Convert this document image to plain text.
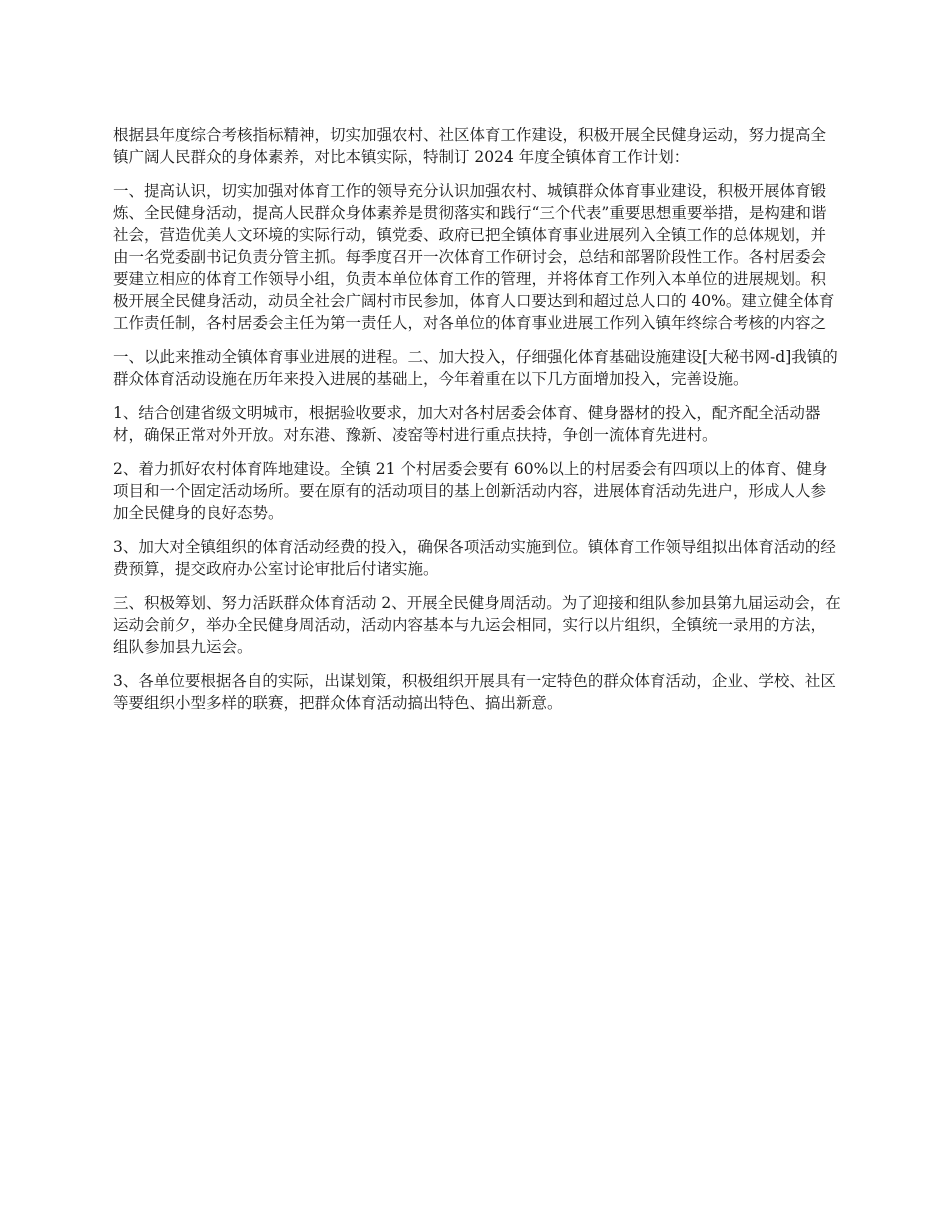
根据县年度综合考核指标精神，切实加强农村、社区体育工作建设，积极开展全民健身运动，努力提高全镇广阔人民群众的身体素养，对比本镇实际，特制订 2024 年度全镇体育工作计划：

一、提高认识，切实加强对体育工作的领导充分认识加强农村、城镇群众体育事业建设，积极开展体育锻炼、全民健身活动，提高人民群众身体素养是贯彻落实和践行“三个代表”重要思想重要举措，是构建和谐社会，营造优美人文环境的实际行动，镇党委、政府已把全镇体育事业进展列入全镇工作的总体规划，并由一名党委副书记负责分管主抓。每季度召开一次体育工作研讨会，总结和部署阶段性工作。各村居委会要建立相应的体育工作领导小组，负责本单位体育工作的管理，并将体育工作列入本单位的进展规划。积极开展全民健身活动，动员全社会广阔村市民参加，体育人口要达到和超过总人口的 40%。建立健全体育工作责任制，各村居委会主任为第一责任人，对各单位的体育事业进展工作列入镇年终综合考核的内容之

一、以此来推动全镇体育事业进展的进程。二、加大投入，仔细强化体育基础设施建设[大秘书网-d]我镇的群众体育活动设施在历年来投入进展的基础上，今年着重在以下几方面增加投入，完善设施。

1、结合创建省级文明城市，根据验收要求，加大对各村居委会体育、健身器材的投入，配齐配全活动器材，确保正常对外开放。对东港、豫新、凌窑等村进行重点扶持，争创一流体育先进村。

2、着力抓好农村体育阵地建设。全镇 21 个村居委会要有 60%以上的村居委会有四项以上的体育、健身项目和一个固定活动场所。要在原有的活动项目的基上创新活动内容，进展体育活动先进户，形成人人参加全民健身的良好态势。

3、加大对全镇组织的体育活动经费的投入，确保各项活动实施到位。镇体育工作领导组拟出体育活动的经费预算，提交政府办公室讨论审批后付诸实施。

三、积极筹划、努力活跃群众体育活动 2、开展全民健身周活动。为了迎接和组队参加县第九届运动会，在运动会前夕，举办全民健身周活动，活动内容基本与九运会相同，实行以片组织，全镇统一录用的方法，组队参加县九运会。

3、各单位要根据各自的实际，出谋划策，积极组织开展具有一定特色的群众体育活动，企业、学校、社区等要组织小型多样的联赛，把群众体育活动搞出特色、搞出新意。
